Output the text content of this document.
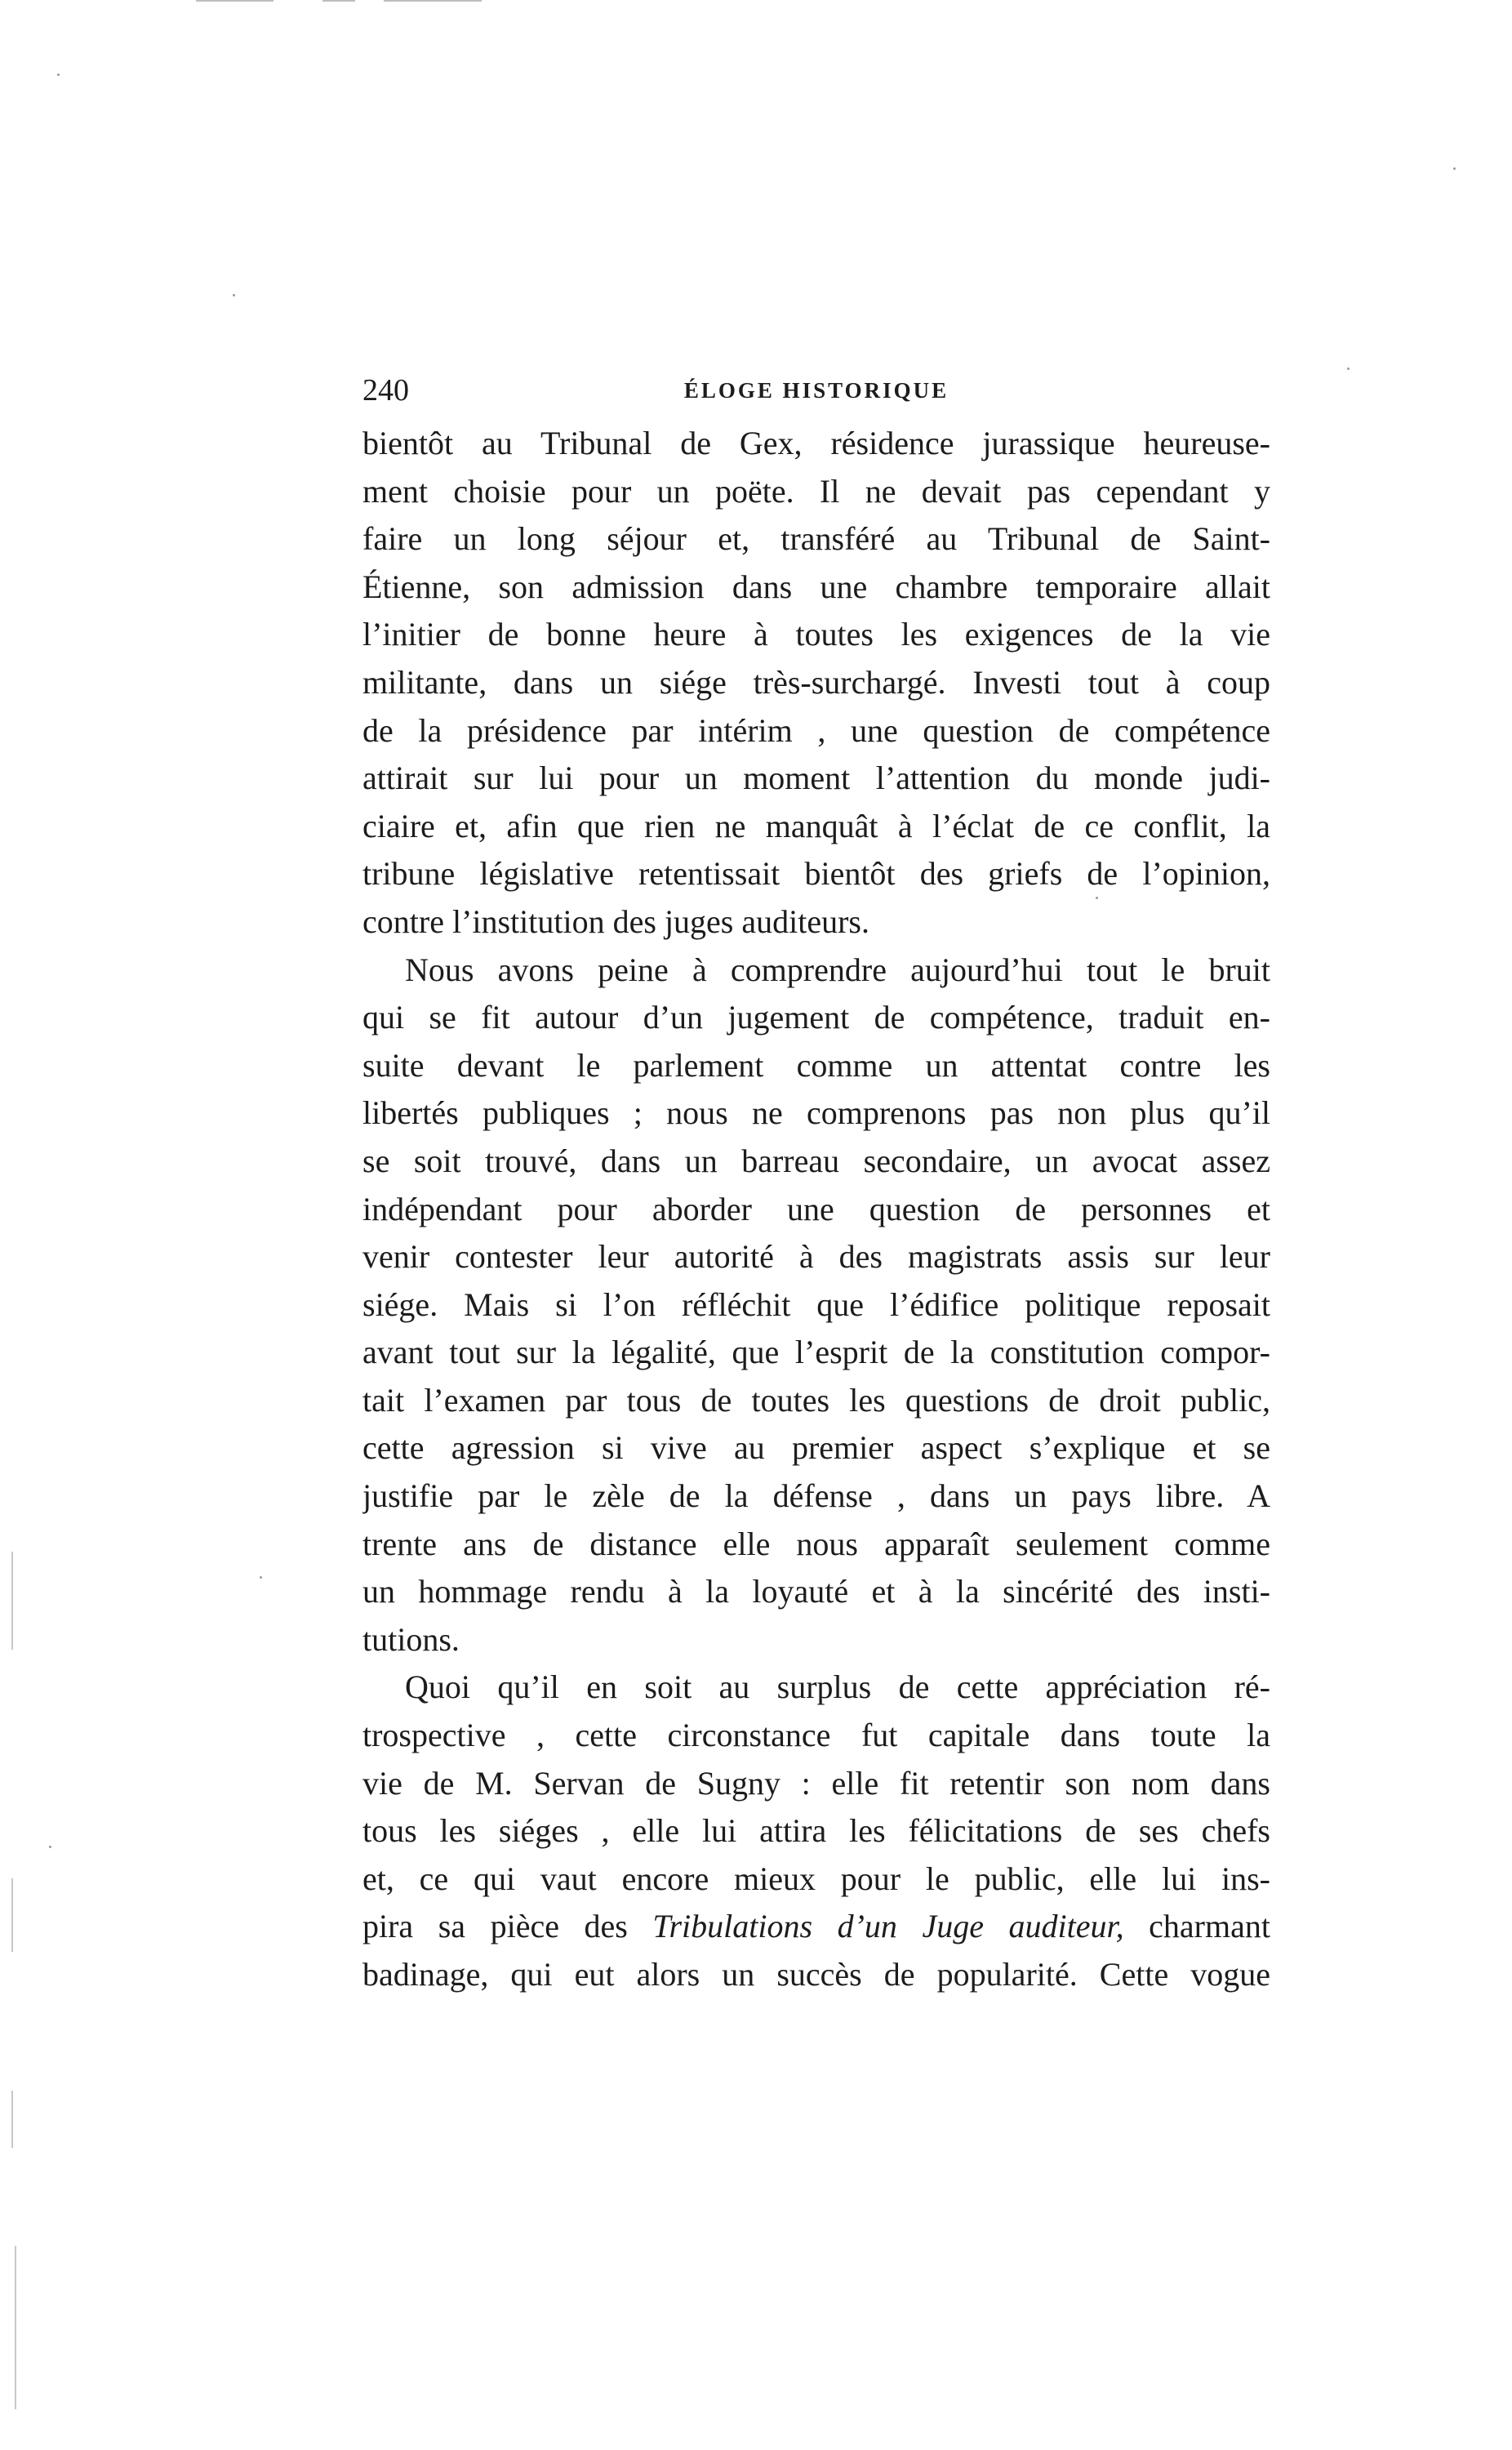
240	ÉLOGE HISTORIQUE
bientôt au Tribunal de Gex, résidence jurassique heureuse-
ment choisie pour un poëte. Il ne devait pas cependant y
faire un long séjour et, transféré au Tribunal de Saint-
Étienne, son admission dans une chambre temporaire allait
l’initier de bonne heure à toutes les exigences de la vie
militante, dans un siége très-surchargé. Investi tout à coup
de la présidence par intérim , une question de compétence
attirait sur lui pour un moment l’attention du monde judi-
ciaire et, afin que rien ne manquât à l’éclat de ce conflit, la
tribune législative retentissait bientôt des griefs de l’opinion,
contre l’institution des juges auditeurs.
Nous avons peine à comprendre aujourd’hui tout le bruit
qui se fit autour d’un jugement de compétence, traduit en-
suite devant le parlement comme un attentat contre les
libertés publiques ; nous ne comprenons pas non plus qu’il
se soit trouvé, dans un barreau secondaire, un avocat assez
indépendant pour aborder une question de personnes et
venir contester leur autorité à des magistrats assis sur leur
siége. Mais si l’on réfléchit que l’édifice politique reposait
avant tout sur la légalité, que l’esprit de la constitution compor-
tait l’examen par tous de toutes les questions de droit public,
cette agression si vive au premier aspect s’explique et se
justifie par le zèle de la défense , dans un pays libre. A
trente ans de distance elle nous apparaît seulement comme
un hommage rendu à la loyauté et à la sincérité des insti-
tutions.
Quoi qu’il en soit au surplus de cette appréciation ré-
trospective , cette circonstance fut capitale dans toute la
vie de M. Servan de Sugny : elle fit retentir son nom dans
tous les siéges , elle lui attira les félicitations de ses chefs
et, ce qui vaut encore mieux pour le public, elle lui ins-
pira sa pièce des Tribulations d’un Juge auditeur, charmant
badinage, qui eut alors un succès de popularité. Cette vogue
